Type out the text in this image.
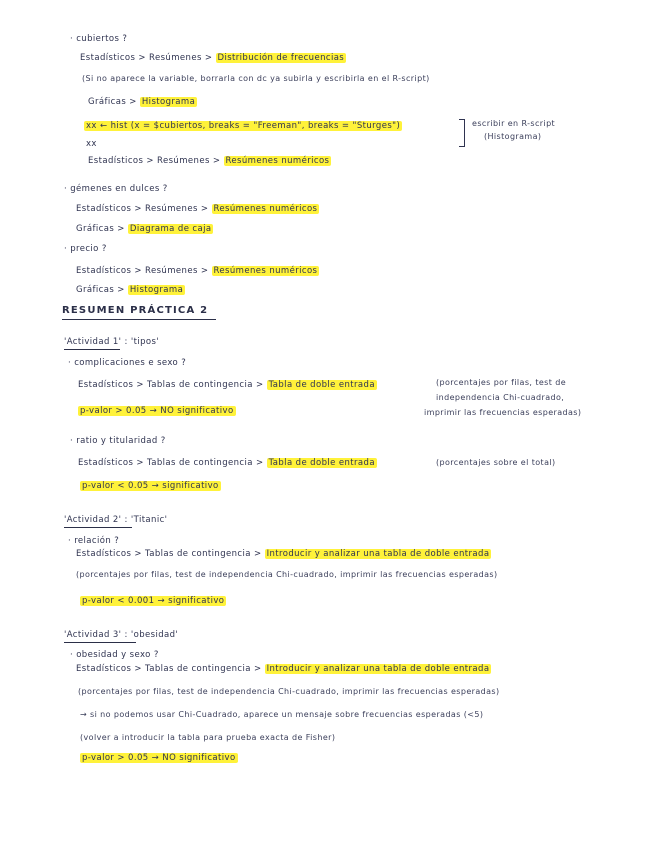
· cubiertos ?
Estadísticos > Resúmenes > Distribución de frecuencias
(Si no aparece la variable, borrarla con dc ya subirla y escribirla en el R-script)
Gráficas > Histograma
xx ← hist (x = $cubiertos, breaks = "Freeman", breaks = "Sturges")
xx
escribir en R-script
(Histograma)
Estadísticos > Resúmenes > Resúmenes numéricos
· gémenes en dulces ?
Estadísticos > Resúmenes > Resúmenes numéricos
Gráficas > Diagrama de caja
· precio ?
Estadísticos > Resúmenes > Resúmenes numéricos
Gráficas > Histograma
RESUMEN PRÁCTICA 2
'Actividad 1' : 'tipos'
· complicaciones e sexo ?
Estadísticos > Tablas de contingencia > Tabla de doble entrada	(porcentajes por filas, test de
independencia Chi-cuadrado,
imprimir las frecuencias esperadas)
p-valor > 0.05 → NO significativo
· ratio y titularidad ?
Estadísticos > Tablas de contingencia > Tabla de doble entrada	(porcentajes sobre el total)
p-valor < 0.05 → significativo
'Actividad 2' : 'Titanic'
· relación ?
Estadísticos > Tablas de contingencia > Introducir y analizar una tabla de doble entrada
(porcentajes por filas, test de independencia Chi-cuadrado, imprimir las frecuencias esperadas)
p-valor < 0.001 → significativo
'Actividad 3' : 'obesidad'
· obesidad y sexo ?
Estadísticos > Tablas de contingencia > Introducir y analizar una tabla de doble entrada
(porcentajes por filas, test de independencia Chi-cuadrado, imprimir las frecuencias esperadas)
→ si no podemos usar Chi-Cuadrado, aparece un mensaje sobre frecuencias esperadas (<5)
(volver a introducir la tabla para prueba exacta de Fisher)
p-valor > 0.05 → NO significativo
